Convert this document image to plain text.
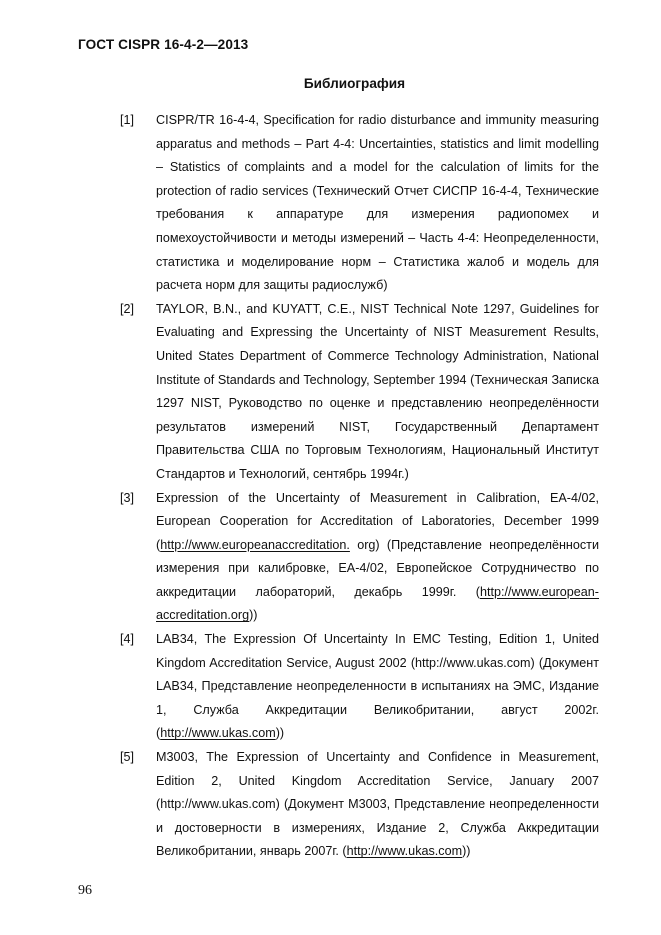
ГОСТ CISPR 16-4-2—2013
Библиография
[1]	CISPR/TR 16-4-4, Specification for radio disturbance and immunity measuring apparatus and methods – Part 4-4: Uncertainties, statistics and limit modelling – Statistics of complaints and a model for the calculation of limits for the protection of radio services (Технический Отчет СИСПР 16-4-4, Технические требования к аппаратуре для измерения радиопомех и помехоустойчивости и методы измерений – Часть 4-4: Неопределенности, статистика и моделирование норм – Статистика жалоб и модель для расчета норм для защиты радиослужб)

[2]	TAYLOR, B.N., and KUYATT, C.E., NIST Technical Note 1297, Guidelines for Evaluating and Expressing the Uncertainty of NIST Measurement Results, United States Department of Commerce Technology Administration, National Institute of Standards and Technology, September 1994 (Техническая Записка 1297 NIST, Руководство по оценке и представлению неопределённости результатов измерений NIST, Государственный Департамент Правительства США по Торговым Технологиям, Национальный Институт Стандартов и Технологий, сентябрь 1994г.)

[3]	Expression of the Uncertainty of Measurement in Calibration, EA-4/02, European Cooperation for Accreditation of Laboratories, December 1999 (http://www.europeanaccreditation. org) (Представление неопределённости измерения при калибровке, EA-4/02, Европейское Сотрудничество по аккредитации лабораторий, декабрь 1999г. (http://www.european-accreditation.org))

[4]	LAB34, The Expression Of Uncertainty In EMC Testing, Edition 1, United Kingdom Accreditation Service, August 2002 (http://www.ukas.com) (Документ LAB34, Представление неопределенности в испытаниях на ЭМС, Издание 1, Служба Аккредитации Великобритании, август 2002г. (http://www.ukas.com))

[5]	M3003, The Expression of Uncertainty and Confidence in Measurement, Edition 2, United Kingdom Accreditation Service, January 2007 (http://www.ukas.com) (Документ M3003, Представление неопределенности и достоверности в измерениях, Издание 2, Служба Аккредитации Великобритании, январь 2007г. (http://www.ukas.com))

96
